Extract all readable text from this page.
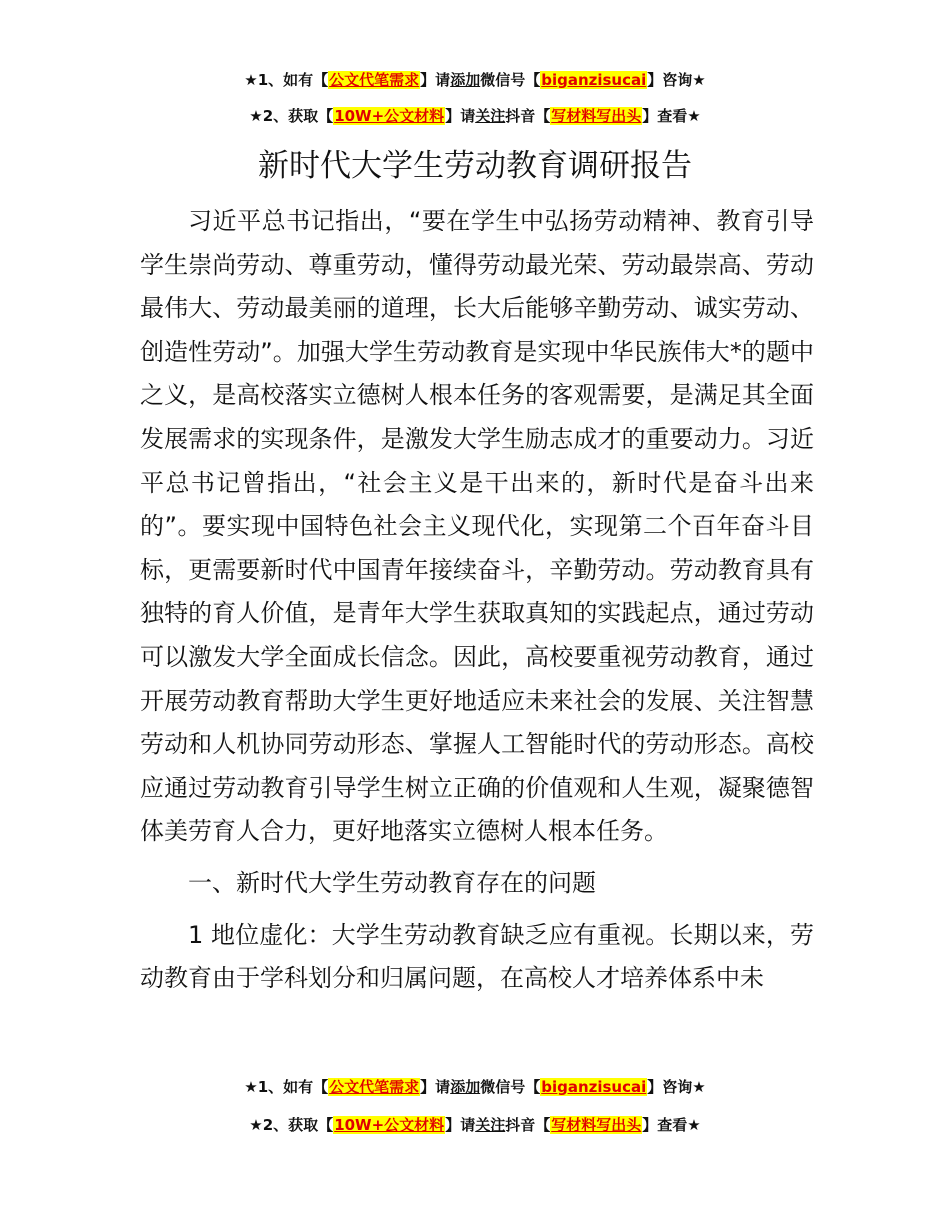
★1、如有【公文代笔需求】请添加微信号【biganzisucai】咨询★
★2、获取【10W+公文材料】请关注抖音【写材料写出头】查看★
新时代大学生劳动教育调研报告

习近平总书记指出，“要在学生中弘扬劳动精神、教育引导学生崇尚劳动、尊重劳动，懂得劳动最光荣、劳动最崇高、劳动最伟大、劳动最美丽的道理，长大后能够辛勤劳动、诚实劳动、创造性劳动”。加强大学生劳动教育是实现中华民族伟大*的题中之义，是高校落实立德树人根本任务的客观需要，是满足其全面发展需求的实现条件，是激发大学生励志成才的重要动力。习近平总书记曾指出，“社会主义是干出来的，新时代是奋斗出来的”。要实现中国特色社会主义现代化，实现第二个百年奋斗目标，更需要新时代中国青年接续奋斗，辛勤劳动。劳动教育具有独特的育人价值，是青年大学生获取真知的实践起点，通过劳动可以激发大学全面成长信念。因此，高校要重视劳动教育，通过开展劳动教育帮助大学生更好地适应未来社会的发展、关注智慧劳动和人机协同劳动形态、掌握人工智能时代的劳动形态。高校应通过劳动教育引导学生树立正确的价值观和人生观，凝聚德智体美劳育人合力，更好地落实立德树人根本任务。

一、新时代大学生劳动教育存在的问题

1 地位虚化：大学生劳动教育缺乏应有重视。长期以来，劳动教育由于学科划分和归属问题，在高校人才培养体系中未

★1、如有【公文代笔需求】请添加微信号【biganzisucai】咨询★
★2、获取【10W+公文材料】请关注抖音【写材料写出头】查看★
